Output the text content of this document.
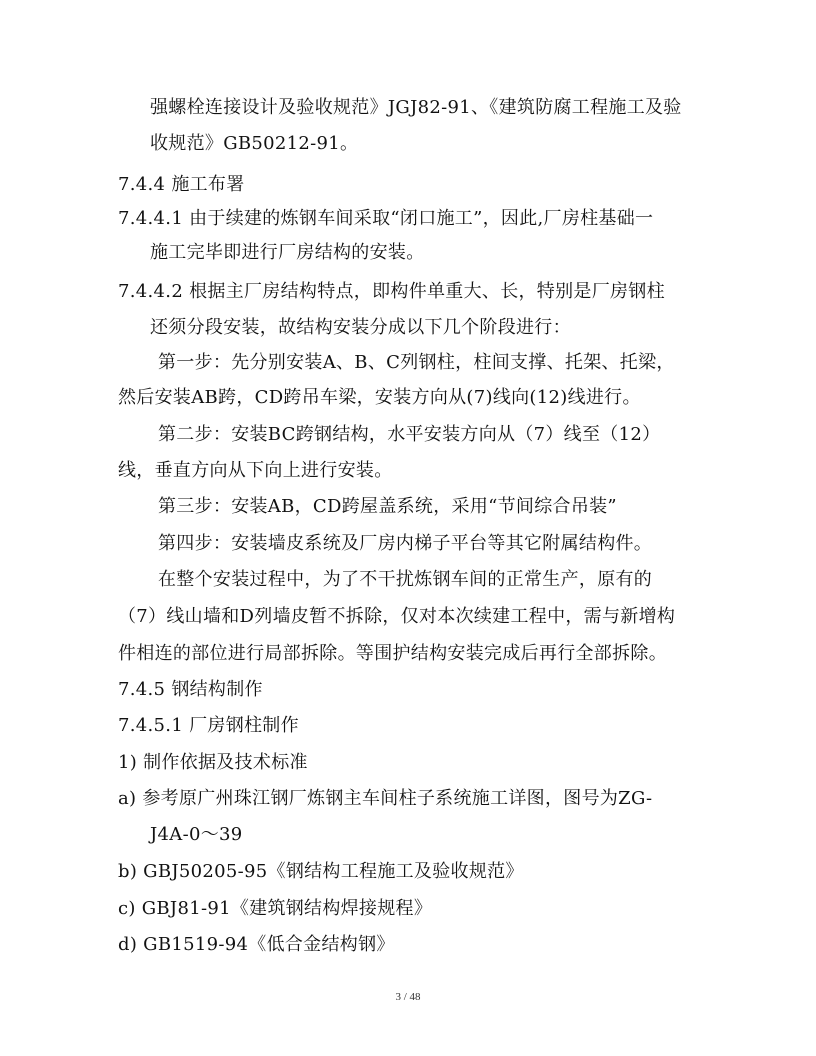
强螺栓连接设计及验收规范》JGJ82-91、《建筑防腐工程施工及验
收规范》GB50212-91。
7.4.4 施工布署
7.4.4.1 由于续建的炼钢车间采取“闭口施工”，因此,厂房柱基础一
施工完毕即进行厂房结构的安装。
7.4.4.2 根据主厂房结构特点，即构件单重大、长，特别是厂房钢柱
还须分段安装，故结构安装分成以下几个阶段进行：
第一步：先分别安装A、B、C列钢柱，柱间支撑、托架、托梁，
然后安装AB跨，CD跨吊车梁，安装方向从(7)线向(12)线进行。
第二步：安装BC跨钢结构，水平安装方向从（7）线至（12）
线，垂直方向从下向上进行安装。
第三步：安装AB，CD跨屋盖系统，采用“节间综合吊装”
第四步：安装墙皮系统及厂房内梯子平台等其它附属结构件。
在整个安装过程中，为了不干扰炼钢车间的正常生产，原有的
（7）线山墙和D列墙皮暂不拆除，仅对本次续建工程中，需与新增构
件相连的部位进行局部拆除。等围护结构安装完成后再行全部拆除。
7.4.5 钢结构制作
7.4.5.1 厂房钢柱制作
1) 制作依据及技术标准
a) 参考原广州珠江钢厂炼钢主车间柱子系统施工详图，图号为ZG-
J4A-0～39
b) GBJ50205-95《钢结构工程施工及验收规范》
c) GBJ81-91《建筑钢结构焊接规程》
d) GB1519-94《低合金结构钢》
3 / 48
